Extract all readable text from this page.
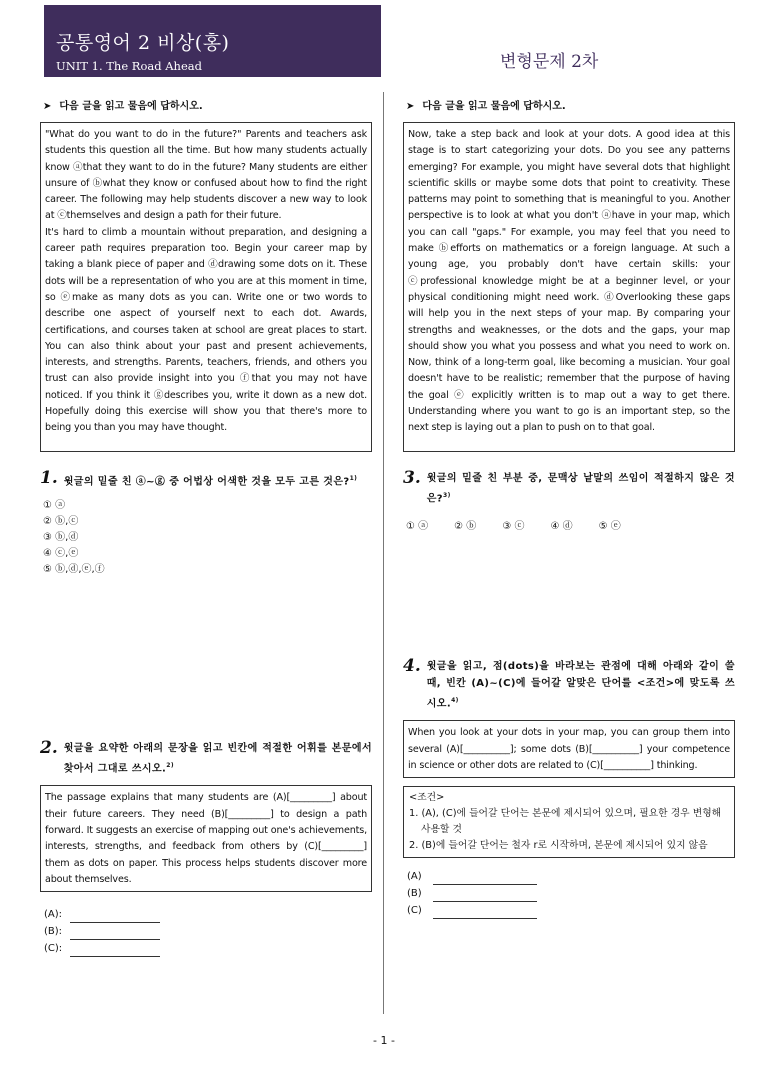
공통영어 2 비상(홍)
UNIT 1. The Road Ahead	변형문제 2차
➤ 다음 글을 읽고 물음에 답하시오.
"What do you want to do in the future?" Parents and teachers ask students this question all the time. But how many students actually know ⓐthat they want to do in the future? Many students are either unsure of ⓑwhat they know or confused about how to find the right career. The following may help students discover a new way to look at ⓒthemselves and design a path for their future.
It's hard to climb a mountain without preparation, and designing a career path requires preparation too. Begin your career map by taking a blank piece of paper and ⓓdrawing some dots on it. These dots will be a representation of who you are at this moment in time, so ⓔmake as many dots as you can. Write one or two words to describe one aspect of yourself next to each dot. Awards, certifications, and courses taken at school are great places to start. You can also think about your past and present achievements, interests, and strengths. Parents, teachers, friends, and others you trust can also provide insight into you ⓕthat you may not have noticed. If you think it ⓖdescribes you, write it down as a new dot. Hopefully doing this exercise will show you that there's more to being you than you may have thought.
1. 윗글의 밑줄 친 ⓐ~ⓖ 중 어법상 어색한 것을 모두 고른 것은?$^{1)}$
① ⓐ
② ⓑ,ⓒ
③ ⓑ,ⓓ
④ ⓒ,ⓔ
⑤ ⓑ,ⓓ,ⓔ,ⓕ
2. 윗글을 요약한 아래의 문장을 읽고 빈칸에 적절한 어휘를 본문에서 찾아서 그대로 쓰시오.$^{2)}$
The passage explains that many students are (A)[_________] about their future careers. They need (B)[_________] to design a path forward. It suggests an exercise of mapping out one's achievements, interests, strengths, and feedback from others by (C)[_________] them as dots on paper. This process helps students discover more about themselves.
(A):
(B):
(C):
➤ 다음 글을 읽고 물음에 답하시오.
Now, take a step back and look at your dots. A good idea at this stage is to start categorizing your dots. Do you see any patterns emerging? For example, you might have several dots that highlight scientific skills or maybe some dots that point to creativity. These patterns may point to something that is meaningful to you. Another perspective is to look at what you don't ⓐhave in your map, which you can call "gaps." For example, you may feel that you need to make ⓑefforts on mathematics or a foreign language. At such a young age, you probably don't have certain skills: your ⓒprofessional knowledge might be at a beginner level, or your physical conditioning might need work. ⓓOverlooking these gaps will help you in the next steps of your map. By comparing your strengths and weaknesses, or the dots and the gaps, your map should show you what you possess and what you need to work on. Now, think of a long-term goal, like becoming a musician. Your goal doesn't have to be realistic; remember that the purpose of having the goal ⓔ explicitly written is to map out a way to get there. Understanding where you want to go is an important step, so the next step is laying out a plan to push on to that goal.
3. 윗글의 밑줄 친 부분 중, 문맥상 낱말의 쓰임이 적절하지 않은 것은?$^{3)}$
① ⓐ	② ⓑ	③ ⓒ	④ ⓓ	⑤ ⓔ
4. 윗글을 읽고, 점(dots)을 바라보는 관점에 대해 아래와 같이 쓸 때, 빈칸 (A)~(C)에 들어갈 알맞은 단어를 <조건>에 맞도록 쓰시오.$^{4)}$
When you look at your dots in your map, you can group them into several (A)[__________]; some dots (B)[__________] your competence in science or other dots are related to (C)[__________] thinking.
<조건>
1. (A), (C)에 들어갈 단어는 본문에 제시되어 있으며, 필요한 경우 변형해 사용할 것
2. (B)에 들어갈 단어는 철자 r로 시작하며, 본문에 제시되어 있지 않음
(A)
(B)
(C)
- 1 -
